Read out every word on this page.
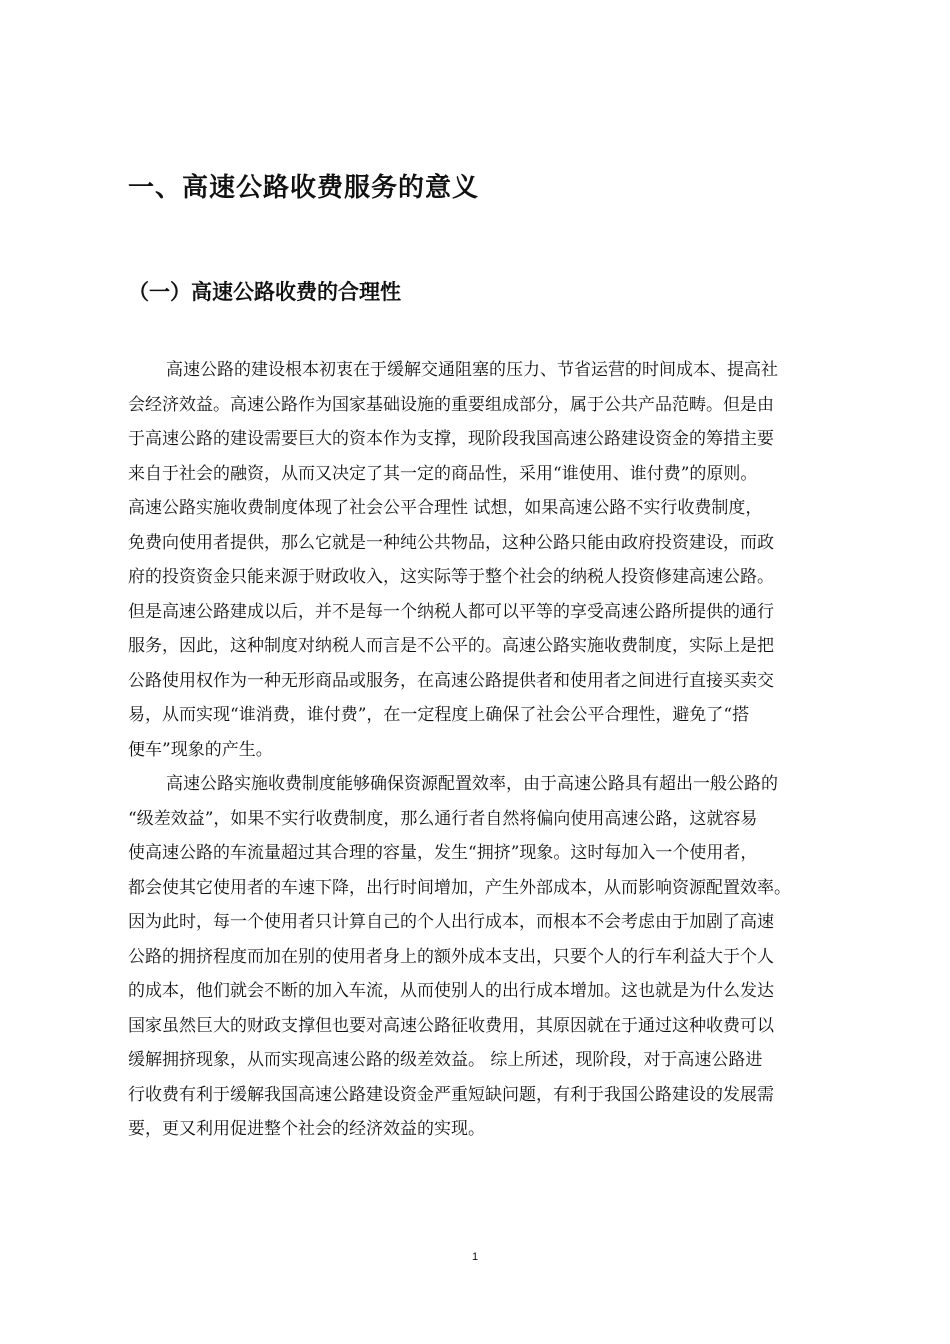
一、高速公路收费服务的意义
（一）高速公路收费的合理性
高速公路的建设根本初衷在于缓解交通阻塞的压力、节省运营的时间成本、提高社
会经济效益。高速公路作为国家基础设施的重要组成部分，属于公共产品范畴。但是由
于高速公路的建设需要巨大的资本作为支撑，现阶段我国高速公路建设资金的筹措主要
来自于社会的融资，从而又决定了其一定的商品性，采用“谁使用、谁付费”的原则。
高速公路实施收费制度体现了社会公平合理性 试想，如果高速公路不实行收费制度，
免费向使用者提供，那么它就是一种纯公共物品，这种公路只能由政府投资建设，而政
府的投资资金只能来源于财政收入，这实际等于整个社会的纳税人投资修建高速公路。
但是高速公路建成以后，并不是每一个纳税人都可以平等的享受高速公路所提供的通行
服务，因此，这种制度对纳税人而言是不公平的。高速公路实施收费制度，实际上是把
公路使用权作为一种无形商品或服务，在高速公路提供者和使用者之间进行直接买卖交
易，从而实现“谁消费，谁付费”，在一定程度上确保了社会公平合理性，避免了“搭
便车”现象的产生。
高速公路实施收费制度能够确保资源配置效率，由于高速公路具有超出一般公路的
“级差效益”，如果不实行收费制度，那么通行者自然将偏向使用高速公路，这就容易
使高速公路的车流量超过其合理的容量，发生“拥挤”现象。这时每加入一个使用者，
都会使其它使用者的车速下降，出行时间增加，产生外部成本，从而影响资源配置效率。
因为此时，每一个使用者只计算自己的个人出行成本，而根本不会考虑由于加剧了高速
公路的拥挤程度而加在别的使用者身上的额外成本支出，只要个人的行车利益大于个人
的成本，他们就会不断的加入车流，从而使别人的出行成本增加。这也就是为什么发达
国家虽然巨大的财政支撑但也要对高速公路征收费用，其原因就在于通过这种收费可以
缓解拥挤现象，从而实现高速公路的级差效益。 综上所述，现阶段，对于高速公路进
行收费有利于缓解我国高速公路建设资金严重短缺问题，有利于我国公路建设的发展需
要，更又利用促进整个社会的经济效益的实现。
1
